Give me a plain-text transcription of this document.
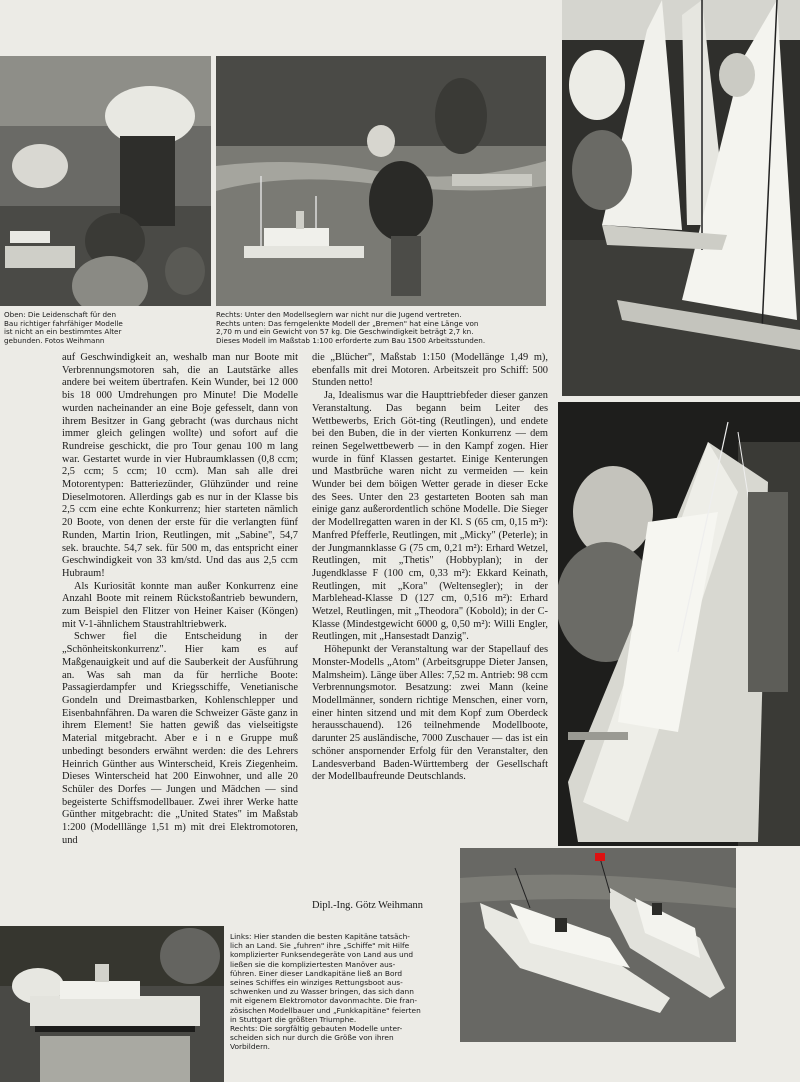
Oben: Die Leidenschaft für den
Bau richtiger fahrfähiger Modelle
ist nicht an ein bestimmtes Alter
gebunden. Fotos Weihmann
Rechts: Unter den Modellseglern war nicht nur die Jugend vertreten.
Rechts unten: Das ferngelenkte Modell der „Bremen" hat eine Länge von
2,70 m und ein Gewicht von 57 kg. Die Geschwindigkeit beträgt 2,7 kn.
Dieses Modell im Maßstab 1:100 erforderte zum Bau 1500 Arbeitsstunden.

auf Geschwindigkeit an, weshalb man nur Boote mit Verbrennungsmotoren sah, die an Lautstärke alles andere bei weitem übertrafen. Kein Wunder, bei 12 000 bis 18 000 Umdrehungen pro Minute! Die Modelle wurden nacheinander an eine Boje gefesselt, dann von ihrem Besitzer in Gang gebracht (was durchaus nicht immer gleich gelingen wollte) und sofort auf die Rundreise geschickt, die pro Tour genau 100 m lang war. Gestartet wurde in vier Hubraumklassen (0,8 ccm; 2,5 ccm; 5 ccm; 10 ccm). Man sah alle drei Motorentypen: Batteriezünder, Glühzünder und reine Dieselmotoren. Allerdings gab es nur in der Klasse bis 2,5 ccm eine echte Konkurrenz; hier starteten nämlich 20 Boote, von denen der erste für die verlangten fünf Runden, Martin Irion, Reutlingen, mit „Sabine", 54,7 sek. brauchte. 54,7 sek. für 500 m, das entspricht einer Geschwindigkeit von 33 km/std. Und das aus 2,5 ccm Hubraum!

Als Kuriosität konnte man außer Konkurrenz eine Anzahl Boote mit reinem Rückstoßantrieb bewundern, zum Beispiel den Flitzer von Heiner Kaiser (Köngen) mit V-1-ähnlichem Staustrahltriebwerk.

Schwer fiel die Entscheidung in der „Schönheitskonkurrenz". Hier kam es auf Maßgenauigkeit und auf die Sauberkeit der Ausführung an. Was sah man da für herrliche Boote: Passagierdampfer und Kriegsschiffe, Venetianische Gondeln und Dreimastbarken, Kohlenschlepper und Eisenbahnfähren. Da waren die Schweizer Gäste ganz in ihrem Element! Sie hatten gewiß das vielseitigste Material mitgebracht. Aber e i n e Gruppe muß unbedingt besonders erwähnt werden: die des Lehrers Heinrich Günther aus Winterscheid, Kreis Ziegenheim. Dieses Winterscheid hat 200 Einwohner, und alle 20 Schüler des Dorfes — Jungen und Mädchen — sind begeisterte Schiffsmodellbauer. Zwei ihrer Werke hatte Günther mitgebracht: die „United States" im Maßstab 1:200 (Modelllänge 1,51 m) mit drei Elektromotoren, und

die „Blücher", Maßstab 1:150 (Modellänge 1,49 m), ebenfalls mit drei Motoren. Arbeitszeit pro Schiff: 500 Stunden netto!

Ja, Idealismus war die Haupttriebfeder dieser ganzen Veranstaltung. Das begann beim Leiter des Wettbewerbs, Erich Göt-ting (Reutlingen), und endete bei den Buben, die in der vierten Konkurrenz — dem reinen Segelwettbewerb — in den Kampf zogen. Hier wurde in fünf Klassen gestartet. Einige Kenterungen und Mastbrüche waren nicht zu vermeiden — kein Wunder bei dem böigen Wetter gerade in dieser Ecke des Sees. Unter den 23 gestarteten Booten sah man einige ganz außerordentlich schöne Modelle. Die Sieger der Modellregatten waren in der Kl. S (65 cm, 0,15 m²): Manfred Pfefferle, Reutlingen, mit „Micky" (Peterle); in der Jungmannklasse G (75 cm, 0,21 m²): Erhard Wetzel, Reutlingen, mit „Thetis" (Hobbyplan); in der Jugendklasse F (100 cm, 0,33 m²): Ekkard Keinath, Reutlingen, mit „Kora" (Weltensegler); in der Marblehead-Klasse D (127 cm, 0,516 m²): Erhard Wetzel, Reutlingen, mit „Theodora" (Kobold); in der C-Klasse (Mindestgewicht 6000 g, 0,50 m²): Willi Engler, Reutlingen, mit „Hansestadt Danzig".

Höhepunkt der Veranstaltung war der Stapellauf des Monster-Modells „Atom" (Arbeitsgruppe Dieter Jansen, Malmsheim). Länge über Alles: 7,52 m. Antrieb: 98 ccm Verbrennungsmotor. Besatzung: zwei Mann (keine Modellmänner, sondern richtige Menschen, einer vorn, einer hinten sitzend und mit dem Kopf zum Oberdeck herausschauend). 126 teilnehmende Modellboote, darunter 25 ausländische, 7000 Zuschauer — das ist ein schöner anspornender Erfolg für den Veranstalter, den Landesverband Baden-Württemberg der Gesellschaft der Modellbaufreunde Deutschlands.

Dipl.-Ing. Götz Weihmann
Links: Hier standen die besten Kapitäne tatsäch-
lich an Land. Sie „fuhren" ihre „Schiffe" mit Hilfe
komplizierter Funksendegeräte von Land aus und
ließen sie die kompliziertesten Manöver aus-
führen. Einer dieser Landkapitäne ließ an Bord
seines Schiffes ein winziges Rettungsboot aus-
schwenken und zu Wasser bringen, das sich dann
mit eigenem Elektromotor davonmachte. Die fran-
zösischen Modellbauer und „Funkkapitäne" feierten
in Stuttgart die größten Triumphe.
Rechts: Die sorgfältig gebauten Modelle unter-
scheiden sich nur durch die Größe von ihren
Vorbildern.
